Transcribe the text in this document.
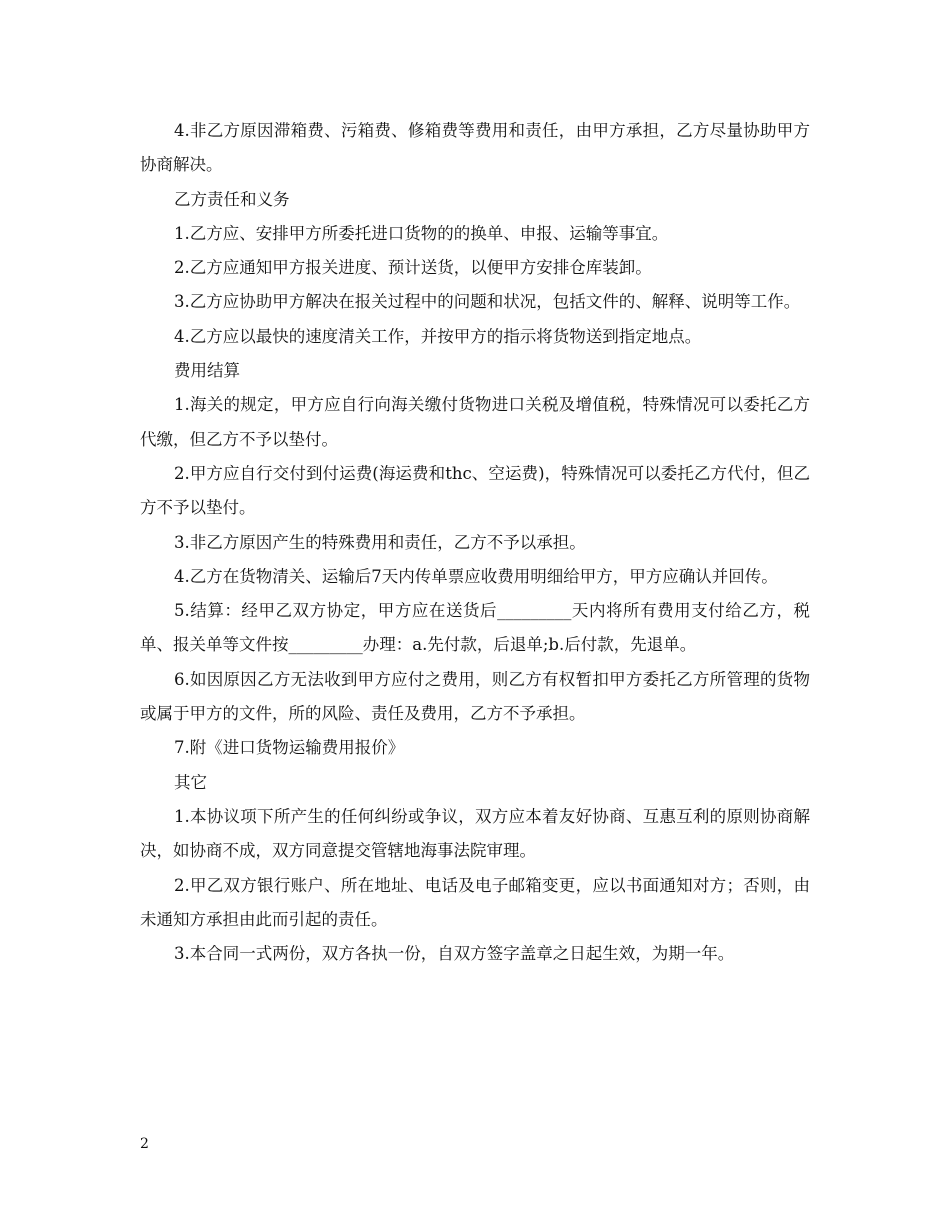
4.非乙方原因滞箱费、污箱费、修箱费等费用和责任，由甲方承担，乙方尽量协助甲方协商解决。

乙方责任和义务

1.乙方应、安排甲方所委托进口货物的的换单、申报、运输等事宜。

2.乙方应通知甲方报关进度、预计送货，以便甲方安排仓库装卸。

3.乙方应协助甲方解决在报关过程中的问题和状况，包括文件的、解释、说明等工作。

4.乙方应以最快的速度清关工作，并按甲方的指示将货物送到指定地点。

费用结算

1.海关的规定，甲方应自行向海关缴付货物进口关税及增值税，特殊情况可以委托乙方代缴，但乙方不予以垫付。

2.甲方应自行交付到付运费(海运费和thc、空运费)，特殊情况可以委托乙方代付，但乙方不予以垫付。

3.非乙方原因产生的特殊费用和责任，乙方不予以承担。

4.乙方在货物清关、运输后7天内传单票应收费用明细给甲方，甲方应确认并回传。

5.结算：经甲乙双方协定，甲方应在送货后_________天内将所有费用支付给乙方，税单、报关单等文件按_________办理：a.先付款，后退单;b.后付款，先退单。

6.如因原因乙方无法收到甲方应付之费用，则乙方有权暂扣甲方委托乙方所管理的货物或属于甲方的文件，所的风险、责任及费用，乙方不予承担。

7.附《进口货物运输费用报价》

其它

1.本协议项下所产生的任何纠纷或争议，双方应本着友好协商、互惠互利的原则协商解决，如协商不成，双方同意提交管辖地海事法院审理。

2.甲乙双方银行账户、所在地址、电话及电子邮箱变更，应以书面通知对方；否则，由未通知方承担由此而引起的责任。

3.本合同一式两份，双方各执一份，自双方签字盖章之日起生效，为期一年。

2
